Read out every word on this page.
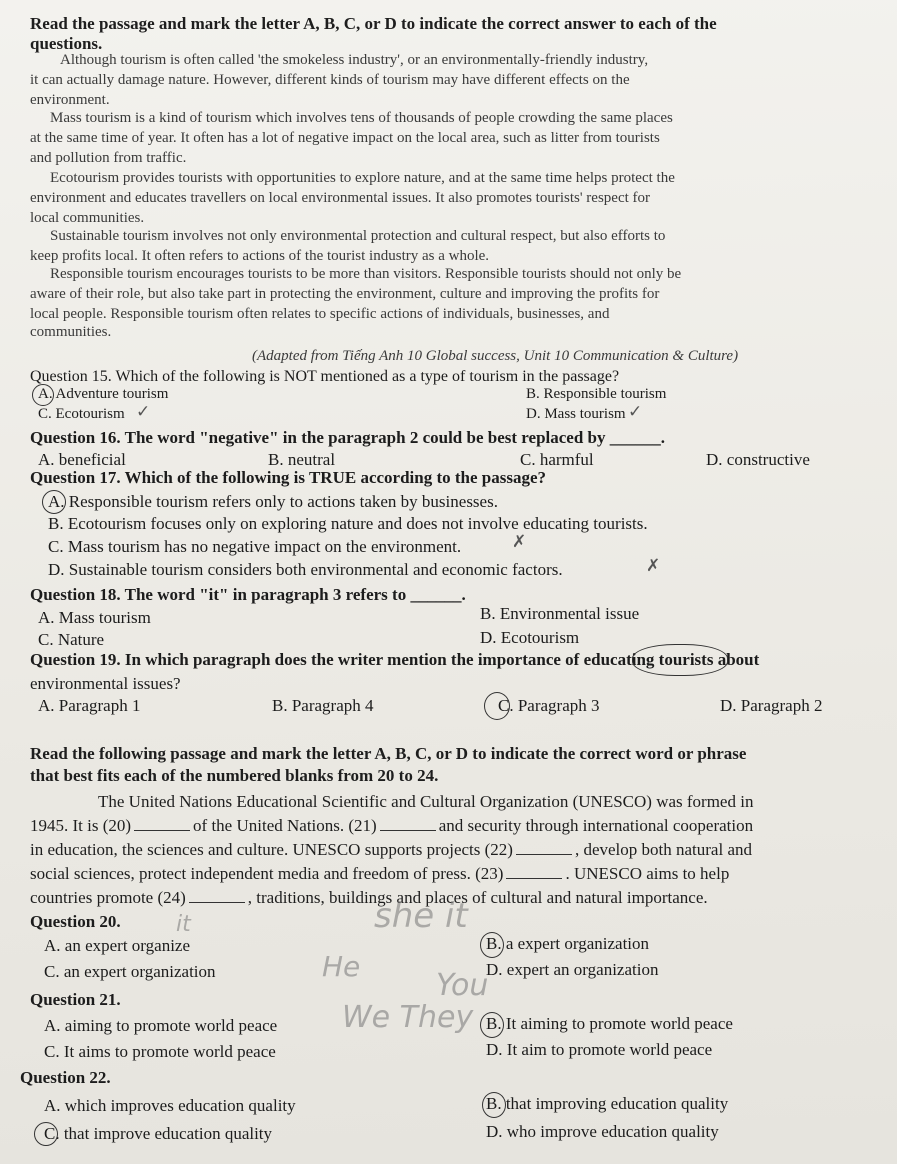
Read the passage and mark the letter A, B, C, or D to indicate the correct answer to each of the
questions.
Although tourism is often called 'the smokeless industry', or an environmentally-friendly industry,
it can actually damage nature. However, different kinds of tourism may have different effects on the
environment.
Mass tourism is a kind of tourism which involves tens of thousands of people crowding the same places
at the same time of year. It often has a lot of negative impact on the local area, such as litter from tourists
and pollution from traffic.
Ecotourism provides tourists with opportunities to explore nature, and at the same time helps protect the
environment and educates travellers on local environmental issues. It also promotes tourists' respect for
local communities.
Sustainable tourism involves not only environmental protection and cultural respect, but also efforts to
keep profits local. It often refers to actions of the tourist industry as a whole.
Responsible tourism encourages tourists to be more than visitors. Responsible tourists should not only be
aware of their role, but also take part in protecting the environment, culture and improving the profits for
local people. Responsible tourism often relates to specific actions of individuals, businesses, and
communities.
(Adapted from Tiếng Anh 10 Global success, Unit 10 Communication & Culture)
Question 15. Which of the following is NOT mentioned as a type of tourism in the passage?
A. Adventure tourism	B. Responsible tourism
C. Ecotourism ✓	D. Mass tourism ✓
Question 16. The word "negative" in the paragraph 2 could be best replaced by ______.
A. beneficial	B. neutral	C. harmful	D. constructive
Question 17. Which of the following is TRUE according to the passage?
A. Responsible tourism refers only to actions taken by businesses.
B. Ecotourism focuses only on exploring nature and does not involve educating tourists.
C. Mass tourism has no negative impact on the environment.	✗
D. Sustainable tourism considers both environmental and economic factors.	✗
Question 18. The word "it" in paragraph 3 refers to ______.
A. Mass tourism	B. Environmental issue
C. Nature	D. Ecotourism
Question 19. In which paragraph does the writer mention the importance of educating tourists about
environmental issues?
A. Paragraph 1	B. Paragraph 4	C. Paragraph 3	D. Paragraph 2
Read the following passage and mark the letter A, B, C, or D to indicate the correct word or phrase
that best fits each of the numbered blanks from 20 to 24.
The United Nations Educational Scientific and Cultural Organization (UNESCO) was formed in
1945. It is (20)	of the United Nations. (21)	and security through international cooperation
in education, the sciences and culture. UNESCO supports projects (22)	, develop both natural and
social sciences, protect independent media and freedom of press. (23)	. UNESCO aims to help
countries promote (24)	, traditions, buildings and places of cultural and natural importance.
Question 20.	it
A. an expert organize	B. a expert organization
C. an expert organization	D. expert an organization
she it
He
Question 21.	You
A. aiming to promote world peace We They B. It aiming to promote world peace
C. It aims to promote world peace	D. It aim to promote world peace
Question 22.
A. which improves education quality	B. that improving education quality
C. that improve education quality	D. who improve education quality
